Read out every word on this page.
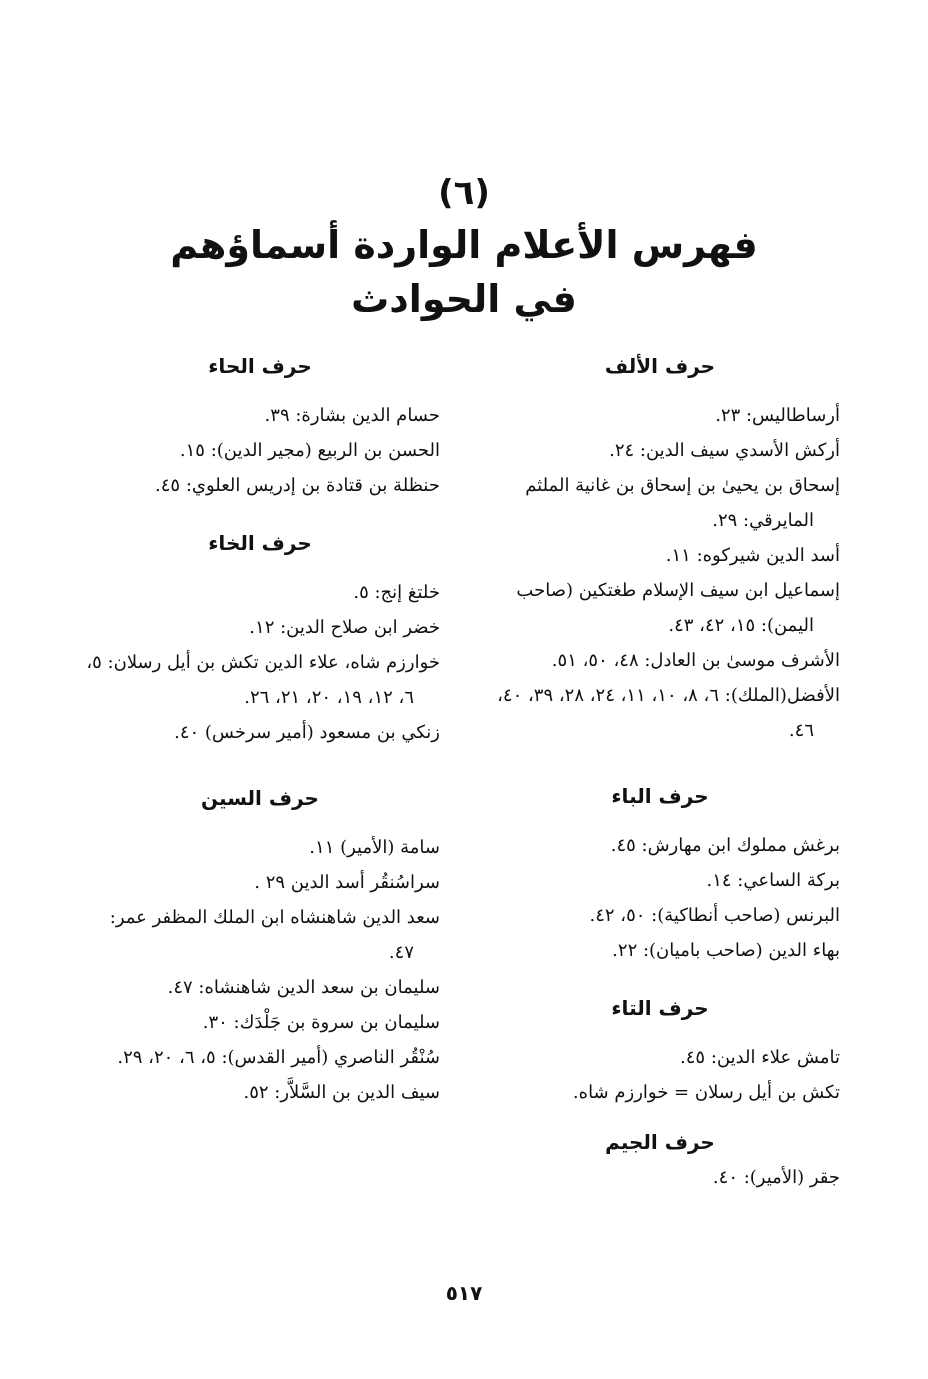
(٦)
فهرس الأعلام الواردة أسماؤهم
في الحوادث
حرف الألف
أرساطاليس: ٢٣.
أركش الأسدي سيف الدين: ٢٤.
إسحاق بن يحيىٰ بن إسحاق بن غانية الملثم المايرقي: ٢٩.
أسد الدين شيركوه: ١١.
إسماعيل ابن سيف الإسلام طغتكين (صاحب اليمن): ١٥، ٤٢، ٤٣.
الأشرف موسىٰ بن العادل: ٤٨، ٥٠، ٥١.
الأفضل(الملك): ٦، ٨، ١٠، ١١، ٢٤، ٢٨، ٣٩، ٤٠، ٤٦.
حرف الباء
برغش مملوك ابن مهارش: ٤٥.
بركة الساعي: ١٤.
البرنس (صاحب أنطاكية): ٥٠، ٤٢.
بهاء الدين (صاحب باميان): ٢٢.
حرف التاء
تامش علاء الدين: ٤٥.
تكش بن أيل رسلان = خوارزم شاه.
حرف الجيم
جقر (الأمير): ٤٠.
حرف الحاء
حسام الدين بشارة: ٣٩.
الحسن بن الربيع (مجير الدين): ١٥.
حنظلة بن قتادة بن إدريس العلوي: ٤٥.
حرف الخاء
خلتغ إنج: ٥.
خضر ابن صلاح الدين: ١٢.
خوارزم شاه، علاء الدين تكش بن أيل رسلان: ٥، ٦، ١٢، ١٩، ٢٠، ٢١، ٢٦.
زنكي بن مسعود (أمير سرخس) ٤٠.
حرف السين
سامة (الأمير) ١١.
سراسُنقُر أسد الدين ٢٩ .
سعد الدين شاهنشاه ابن الملك المظفر عمر: ٤٧.
سليمان بن سعد الدين شاهنشاه: ٤٧.
سليمان بن سروة بن جَلْدَك: ٣٠.
سُنْقُر الناصري (أمير القدس): ٥، ٦، ٢٠، ٢٩.
سيف الدين بن السَّلاَّر: ٥٢.
٥١٧
